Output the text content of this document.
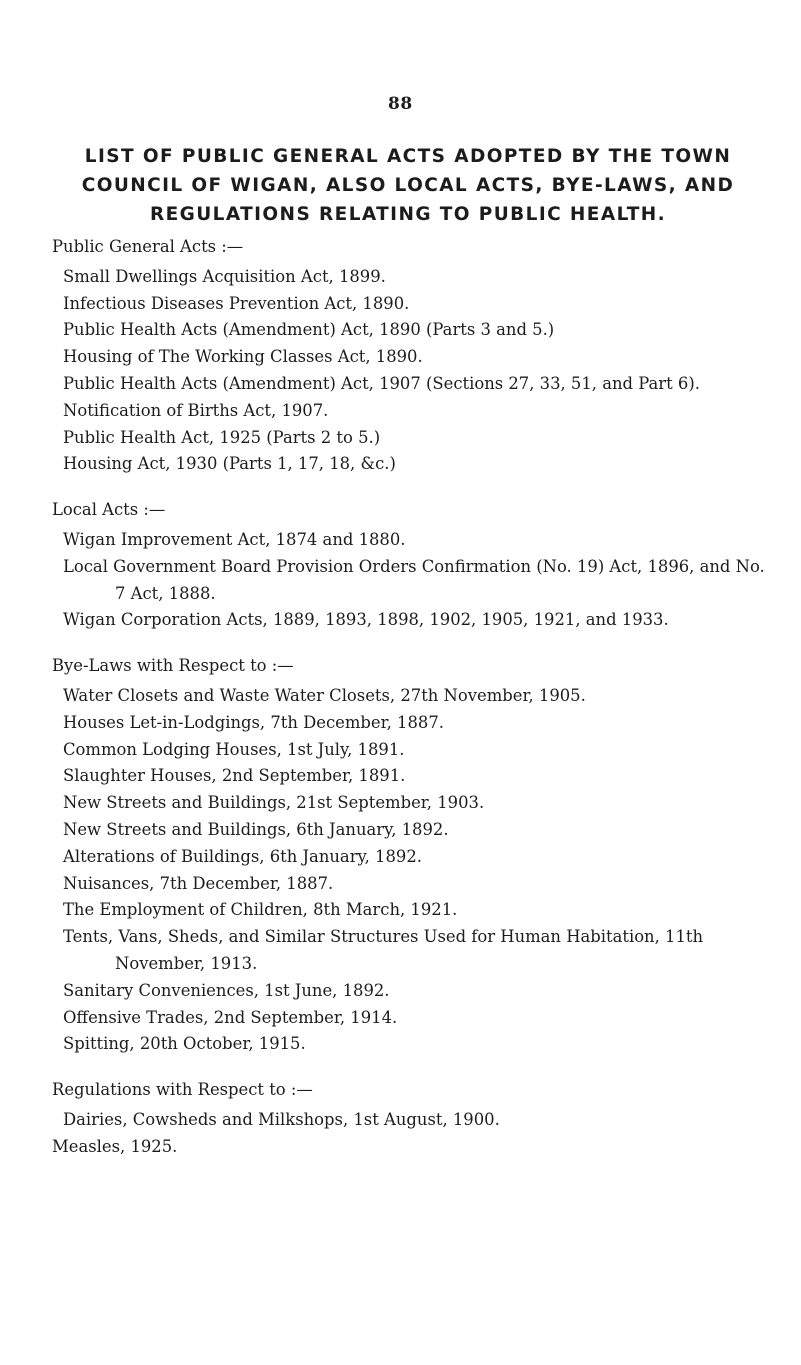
88
LIST OF PUBLIC GENERAL ACTS ADOPTED BY THE TOWN COUNCIL OF WIGAN, ALSO LOCAL ACTS, BYE-LAWS, AND REGULATIONS RELATING TO PUBLIC HEALTH.
Public General Acts :—
Small Dwellings Acquisition Act, 1899.
Infectious Diseases Prevention Act, 1890.
Public Health Acts (Amendment) Act, 1890 (Parts 3 and 5.)
Housing of The Working Classes Act, 1890.
Public Health Acts (Amendment) Act, 1907 (Sections 27, 33, 51, and Part 6).
Notification of Births Act, 1907.
Public Health Act, 1925 (Parts 2 to 5.)
Housing Act, 1930 (Parts 1, 17, 18, &c.)
Local Acts :—
Wigan Improvement Act, 1874 and 1880.
Local Government Board Provision Orders Confirmation (No. 19) Act, 1896, and No. 7 Act, 1888.
Wigan Corporation Acts, 1889, 1893, 1898, 1902, 1905, 1921, and 1933.
Bye-Laws with Respect to :—
Water Closets and Waste Water Closets, 27th November, 1905.
Houses Let-in-Lodgings, 7th December, 1887.
Common Lodging Houses, 1st July, 1891.
Slaughter Houses, 2nd September, 1891.
New Streets and Buildings, 21st September, 1903.
New Streets and Buildings, 6th January, 1892.
Alterations of Buildings, 6th January, 1892.
Nuisances, 7th December, 1887.
The Employment of Children, 8th March, 1921.
Tents, Vans, Sheds, and Similar Structures Used for Human Habitation, 11th November, 1913.
Sanitary Conveniences, 1st June, 1892.
Offensive Trades, 2nd September, 1914.
Spitting, 20th October, 1915.
Regulations with Respect to :—
Dairies, Cowsheds and Milkshops, 1st August, 1900.
Measles, 1925.
